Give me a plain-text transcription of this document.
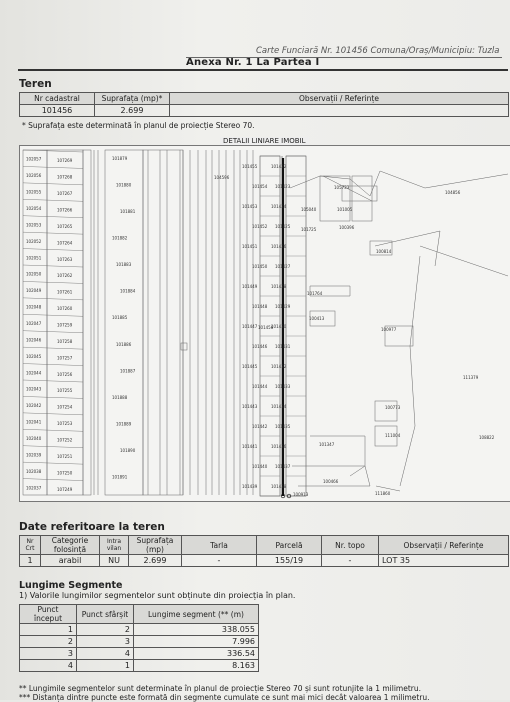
Carte Funciară Nr. 101456 Comuna/Oraș/Municipiu: Tuzla
Anexa Nr. 1 La Partea I
Teren
Nr cadastral	Suprafața (mp)*	Observații / Referințe
101456	2.699	
* Suprafața este determinată în planul de proiecție Stereo 70.
102057
102056
102055
102054
102053
102052
102051
102050
102049
102048
102047
102046
102045
102044
102043
102042
102041
102040
102039
102038
102037
107269
107268
107267
107266
107265
107264
107263
107262
107261
107260
107259
107258
107257
107256
107255
107254
107253
107252
107251
107250
107249
101879
101880
101881
101882
101883
101884
101885
101886
101887
101888
101889
101890
101891
101455
101454
101453
101452
101451
101450
101449
101448
101447
101446
101445
101444
101443
101442
101441
101440
101439
101422
101423
101424
101425
101426
101427
101428
101429
101430
101431
101432
101433
101434
101435
101436
101437
101438
101456
104596
105040
101725
105733
101005
100396
104856
100814
101764
100413
100977
111379
100773
111004	108822
101347
100466
111860
100913
DETALII LINIARE IMOBIL
Date referitoare la teren
Nr Crt	Categorie folosință	Intra vilan	Suprafața (mp)	Tarla	Parcelă	Nr. topo	Observații / Referințe
1	arabil	NU	2.699	-	155/19	-	LOT 35
Lungime Segmente
1) Valorile lungimilor segmentelor sunt obținute din proiecția în plan.
Punct început	Punct sfârșit	Lungime segment (** (m)
1	2	338.055
2	3	7.996
3	4	336.54
4	1	8.163
** Lungimile segmentelor sunt determinate în planul de proiecție Stereo 70 și sunt rotunjite la 1 milimetru.
*** Distanța dintre puncte este formată din segmente cumulate ce sunt mai mici decât valoarea 1 milimetru.
